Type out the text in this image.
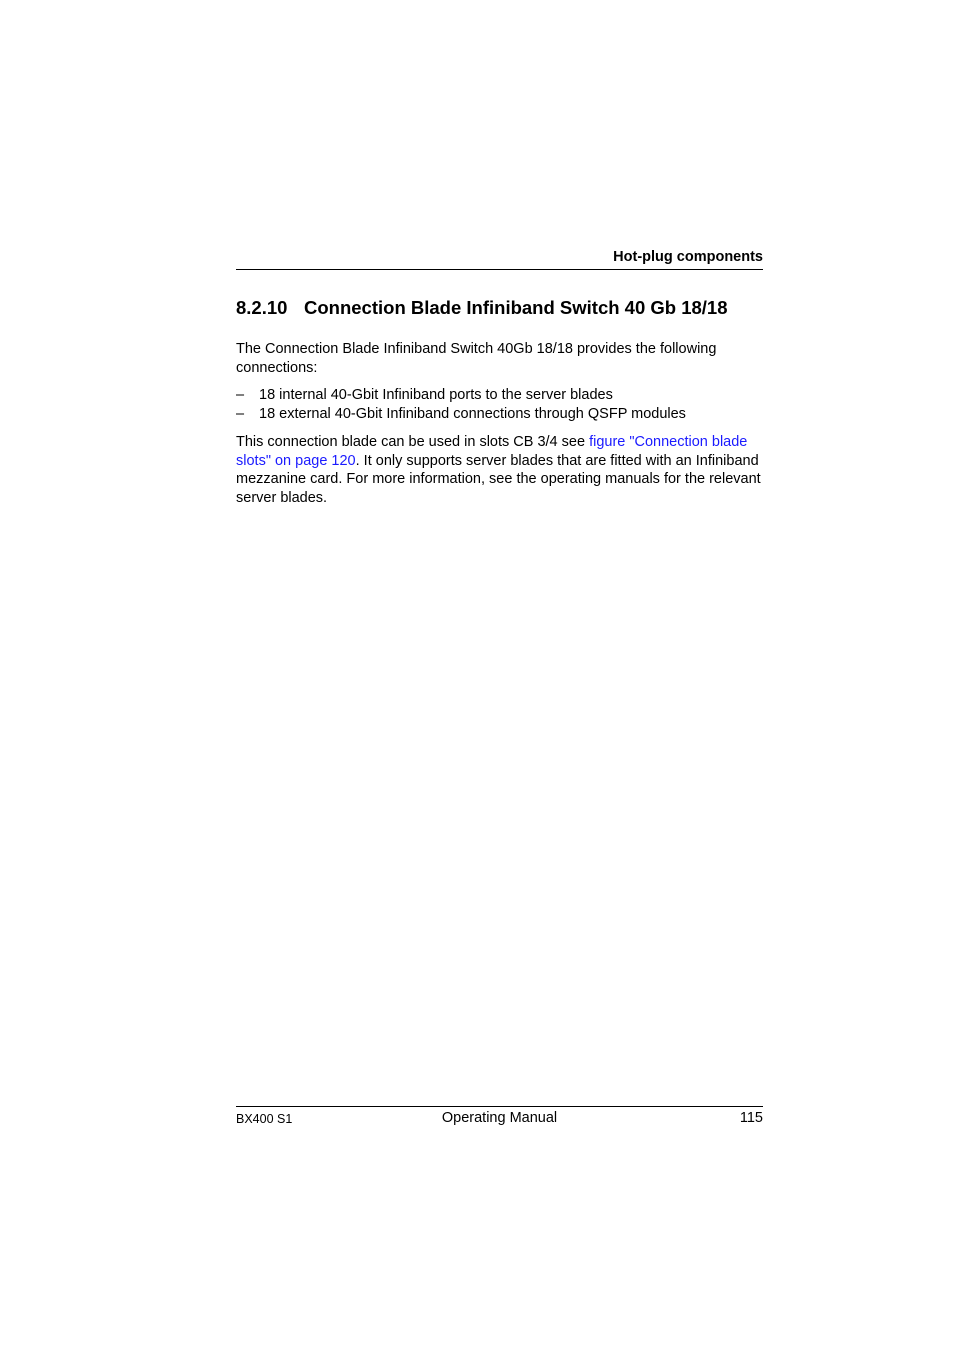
Hot-plug components
8.2.10 Connection Blade Infiniband Switch 40 Gb 18/18

The Connection Blade Infiniband Switch 40Gb 18/18 provides the following connections:

– 18 internal 40-Gbit Infiniband ports to the server blades
– 18 external 40-Gbit Infiniband connections through QSFP modules

This connection blade can be used in slots CB 3/4 see figure "Connection blade slots" on page 120. It only supports server blades that are fitted with an Infiniband mezzanine card. For more information, see the operating manuals for the relevant server blades.

BX400 S1	Operating Manual	115
